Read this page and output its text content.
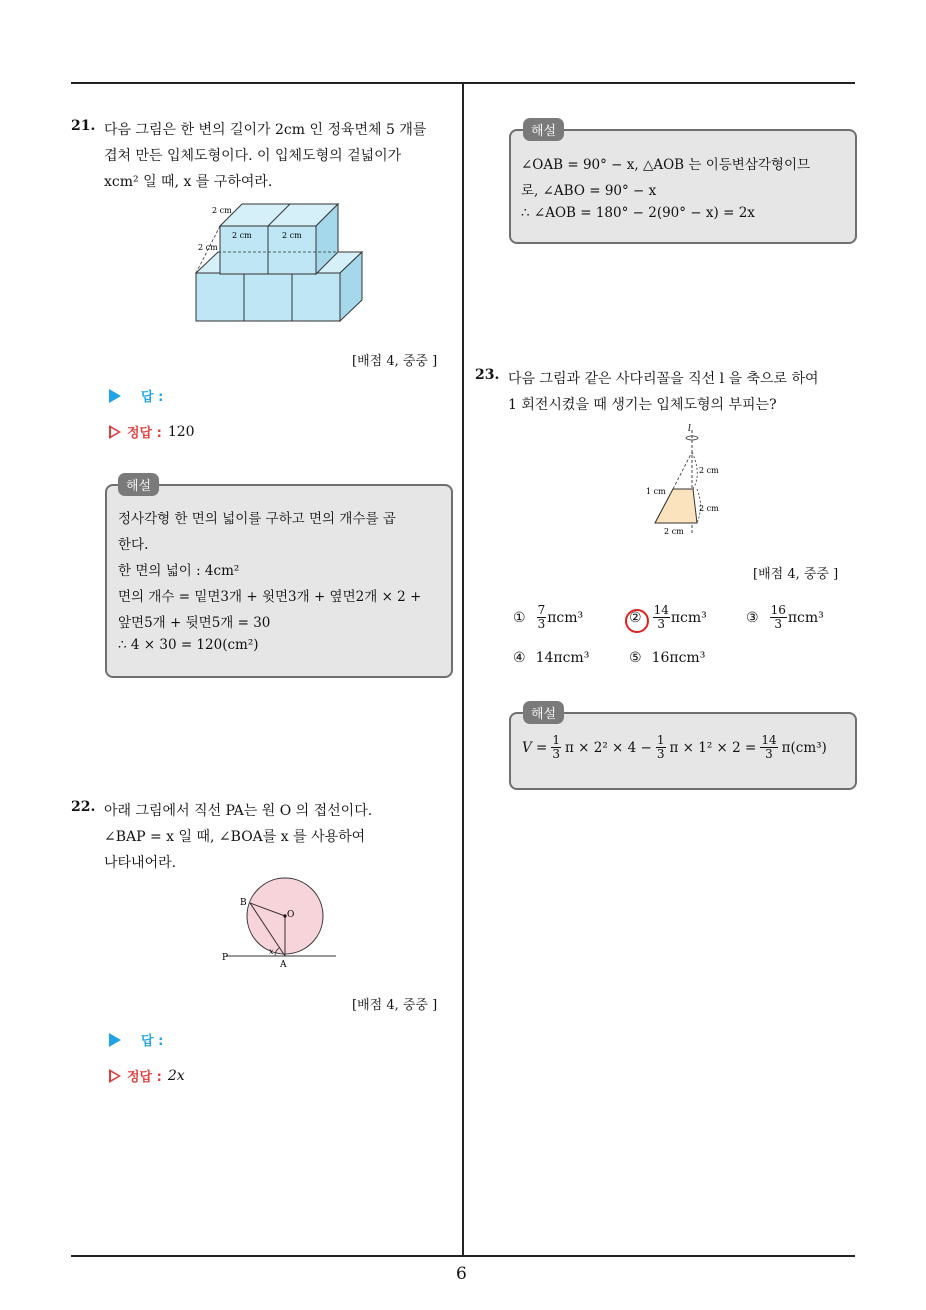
6
21. 다음 그림은 한 변의 길이가 2cm 인 정육면체 5 개를
겹쳐 만든 입체도형이다. 이 입체도형의 겉넓이가
xcm² 일 때, x 를 구하여라.
2 cm
2 cm	2 cm
2 cm
[배점 4, 중중 ]
답 :
정답 : 120
해설
정사각형 한 면의 넓이를 구하고 면의 개수를 곱
한다.
한 면의 넓이 : 4cm²
면의 개수 = 밑면3개 + 윗면3개 + 옆면2개 × 2 +
앞면5개 + 뒷면5개 = 30
∴ 4 × 30 = 120(cm²)
22. 아래 그림에서 직선 PA는 원 O 의 접선이다.
∠BAP = x 일 때, ∠BOA를 x 를 사용하여
나타내어라.
B
O
P
A
x
[배점 4, 중중 ]
답 :
정답 : 2x
해설
∠OAB = 90° − x, △AOB 는 이등변삼각형이므
로, ∠ABO = 90° − x
∴ ∠AOB = 180° − 2(90° − x) = 2x
23. 다음 그림과 같은 사다리꼴을 직선 l 을 축으로 하여
1 회전시켰을 때 생기는 입체도형의 부피는?
l
2 cm
1 cm
2 cm
2 cm
[배점 4, 중중 ]
① $\frac{7}{3} \pi cm^3$	② $\frac{14}{3} \pi cm^3$	③ $\frac{16}{3} \pi cm^3$
④ 14πcm³	⑤ 16πcm³
해설
$V = \frac{1}{3}$ $\pi \times 2^2 \times 4 - \frac{1}{3}$ $\pi \times 1^2 \times 2 = \frac{14}{3} \pi(cm^3)$
